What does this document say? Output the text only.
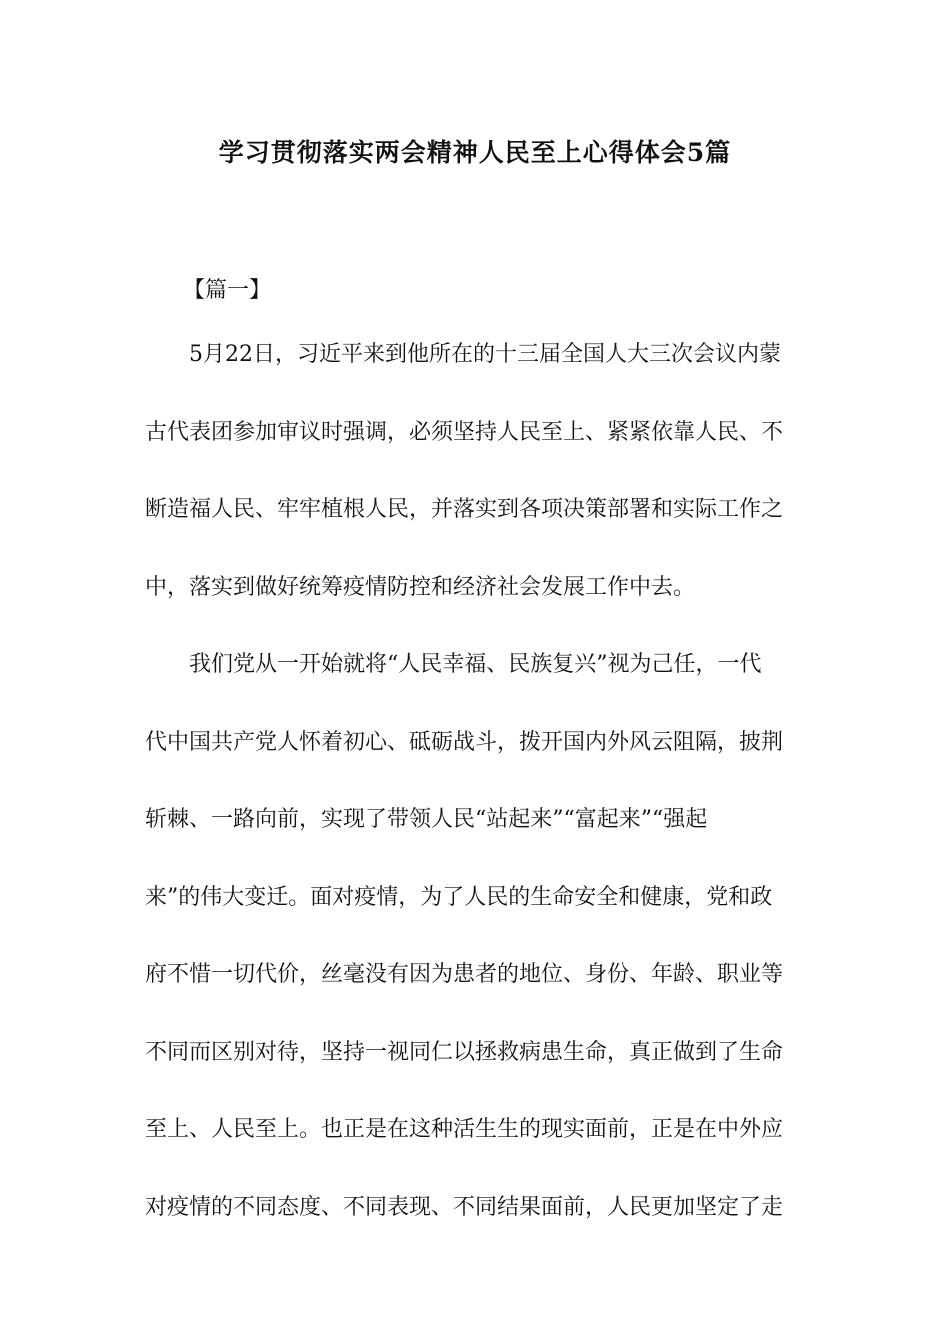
学习贯彻落实两会精神人民至上心得体会5篇
【篇一】
　　5月22日，习近平来到他所在的十三届全国人大三次会议内蒙
古代表团参加审议时强调，必须坚持人民至上、紧紧依靠人民、不
断造福人民、牢牢植根人民，并落实到各项决策部署和实际工作之
中，落实到做好统筹疫情防控和经济社会发展工作中去。
　　我们党从一开始就将“人民幸福、民族复兴”视为己任，一代
代中国共产党人怀着初心、砥砺战斗，拨开国内外风云阻隔，披荆
斩棘、一路向前，实现了带领人民“站起来”“富起来”“强起
来”的伟大变迁。面对疫情，为了人民的生命安全和健康，党和政
府不惜一切代价，丝毫没有因为患者的地位、身份、年龄、职业等
不同而区别对待，坚持一视同仁以拯救病患生命，真正做到了生命
至上、人民至上。也正是在这种活生生的现实面前，正是在中外应
对疫情的不同态度、不同表现、不同结果面前，人民更加坚定了走
